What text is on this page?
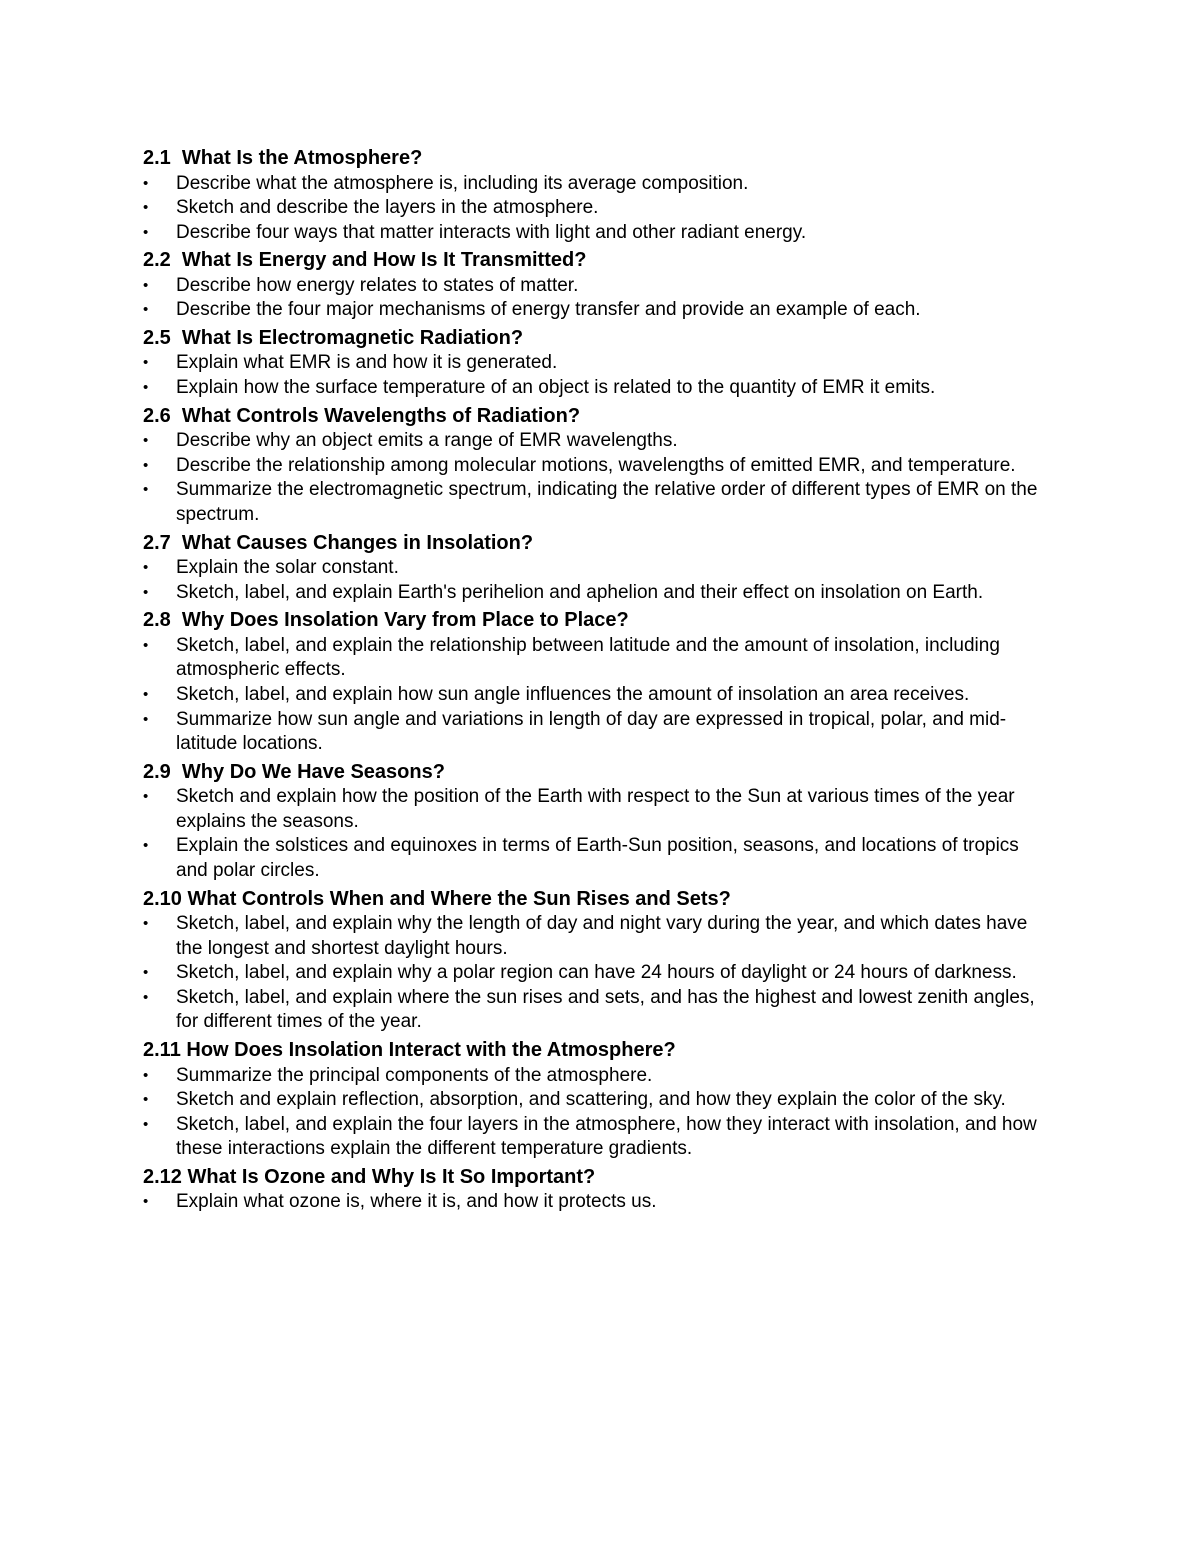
2.1  What Is the Atmosphere?
• Describe what the atmosphere is, including its average composition.
• Sketch and describe the layers in the atmosphere.
• Describe four ways that matter interacts with light and other radiant energy.
2.2  What Is Energy and How Is It Transmitted?
• Describe how energy relates to states of matter.
• Describe the four major mechanisms of energy transfer and provide an example of each.
2.5  What Is Electromagnetic Radiation?
• Explain what EMR is and how it is generated.
• Explain how the surface temperature of an object is related to the quantity of EMR it emits.
2.6  What Controls Wavelengths of Radiation?
• Describe why an object emits a range of EMR wavelengths.
• Describe the relationship among molecular motions, wavelengths of emitted EMR, and temperature.
• Summarize the electromagnetic spectrum, indicating the relative order of different types of EMR on the spectrum.
2.7  What Causes Changes in Insolation?
• Explain the solar constant.
• Sketch, label, and explain Earth's perihelion and aphelion and their effect on insolation on Earth.
2.8  Why Does Insolation Vary from Place to Place?
• Sketch, label, and explain the relationship between latitude and the amount of insolation, including atmospheric effects.
• Sketch, label, and explain how sun angle influences the amount of insolation an area receives.
• Summarize how sun angle and variations in length of day are expressed in tropical, polar, and mid-latitude locations.
2.9  Why Do We Have Seasons?
• Sketch and explain how the position of the Earth with respect to the Sun at various times of the year explains the seasons.
• Explain the solstices and equinoxes in terms of Earth-Sun position, seasons, and locations of tropics and polar circles.
2.10 What Controls When and Where the Sun Rises and Sets?
• Sketch, label, and explain why the length of day and night vary during the year, and which dates have the longest and shortest daylight hours.
• Sketch, label, and explain why a polar region can have 24 hours of daylight or 24 hours of darkness.
• Sketch, label, and explain where the sun rises and sets, and has the highest and lowest zenith angles, for different times of the year.
2.11 How Does Insolation Interact with the Atmosphere?
• Summarize the principal components of the atmosphere.
• Sketch and explain reflection, absorption, and scattering, and how they explain the color of the sky.
• Sketch, label, and explain the four layers in the atmosphere, how they interact with insolation, and how these interactions explain the different temperature gradients.
2.12 What Is Ozone and Why Is It So Important?
• Explain what ozone is, where it is, and how it protects us.
